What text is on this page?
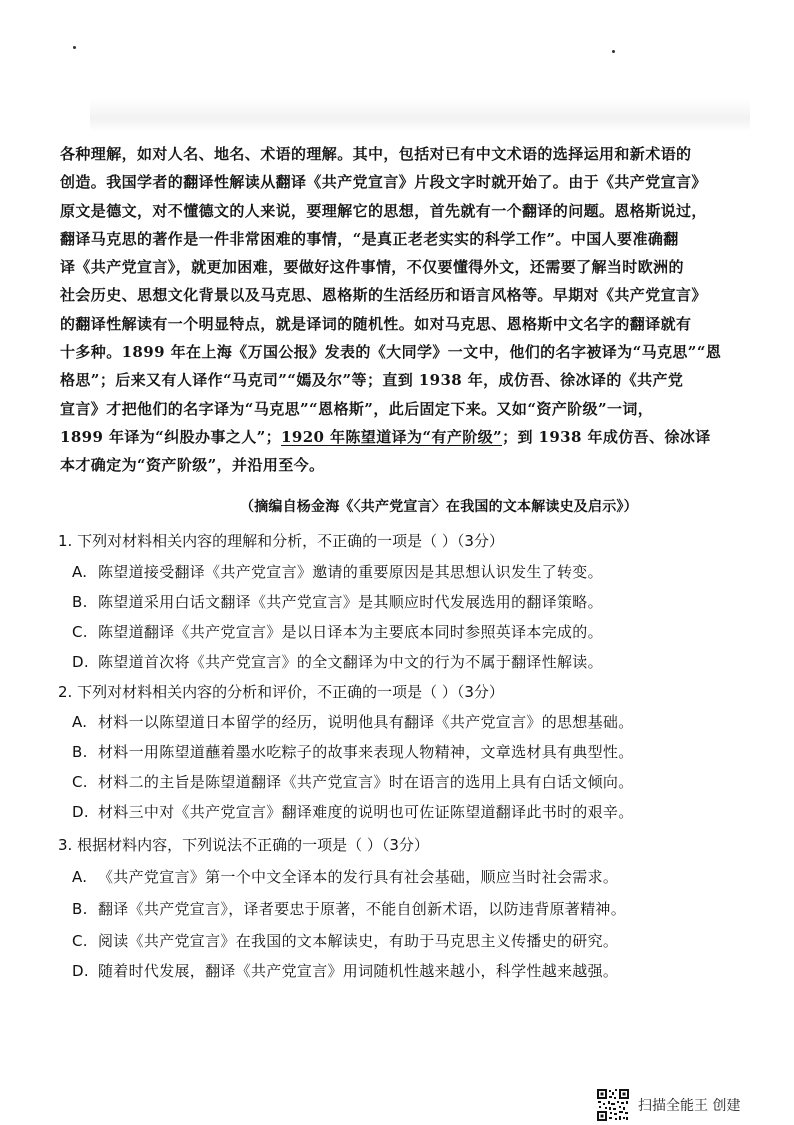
各种理解，如对人名、地名、术语的理解。其中，包括对已有中文术语的选择运用和新术语的
创造。我国学者的翻译性解读从翻译《共产党宣言》片段文字时就开始了。由于《共产党宣言》
原文是德文，对不懂德文的人来说，要理解它的思想，首先就有一个翻译的问题。恩格斯说过，
翻译马克思的著作是一件非常困难的事情，“是真正老老实实的科学工作”。中国人要准确翻
译《共产党宣言》，就更加困难，要做好这件事情，不仅要懂得外文，还需要了解当时欧洲的
社会历史、思想文化背景以及马克思、恩格斯的生活经历和语言风格等。早期对《共产党宣言》
的翻译性解读有一个明显特点，就是译词的随机性。如对马克思、恩格斯中文名字的翻译就有
十多种。1899 年在上海《万国公报》发表的《大同学》一文中，他们的名字被译为“马克思”“恩
格思”；后来又有人译作“马克司”“嫣及尔”等；直到 1938 年，成仿吾、徐冰译的《共产党
宣言》才把他们的名字译为“马克思”“恩格斯”，此后固定下来。又如“资产阶级”一词，
1899 年译为“纠股办事之人”；1920 年陈望道译为“有产阶级”；到 1938 年成仿吾、徐冰译
本才确定为“资产阶级”，并沿用至今。
（摘编自杨金海《〈共产党宣言〉在我国的文本解读史及启示》）
1. 下列对材料相关内容的理解和分析，不正确的一项是（ ）（3分）
A. 陈望道接受翻译《共产党宣言》邀请的重要原因是其思想认识发生了转变。
B. 陈望道采用白话文翻译《共产党宣言》是其顺应时代发展选用的翻译策略。
C. 陈望道翻译《共产党宣言》是以日译本为主要底本同时参照英译本完成的。
D. 陈望道首次将《共产党宣言》的全文翻译为中文的行为不属于翻译性解读。
2. 下列对材料相关内容的分析和评价，不正确的一项是（ ）（3分）
A. 材料一以陈望道日本留学的经历，说明他具有翻译《共产党宣言》的思想基础。
B. 材料一用陈望道蘸着墨水吃粽子的故事来表现人物精神，文章选材具有典型性。
C. 材料二的主旨是陈望道翻译《共产党宣言》时在语言的选用上具有白话文倾向。
D. 材料三中对《共产党宣言》翻译难度的说明也可佐证陈望道翻译此书时的艰辛。
3. 根据材料内容，下列说法不正确的一项是（ ）（3分）
A. 《共产党宣言》第一个中文全译本的发行具有社会基础，顺应当时社会需求。
B. 翻译《共产党宣言》，译者要忠于原著，不能自创新术语，以防违背原著精神。
C. 阅读《共产党宣言》在我国的文本解读史，有助于马克思主义传播史的研究。
D. 随着时代发展，翻译《共产党宣言》用词随机性越来越小，科学性越来越强。
扫描全能王 创建
